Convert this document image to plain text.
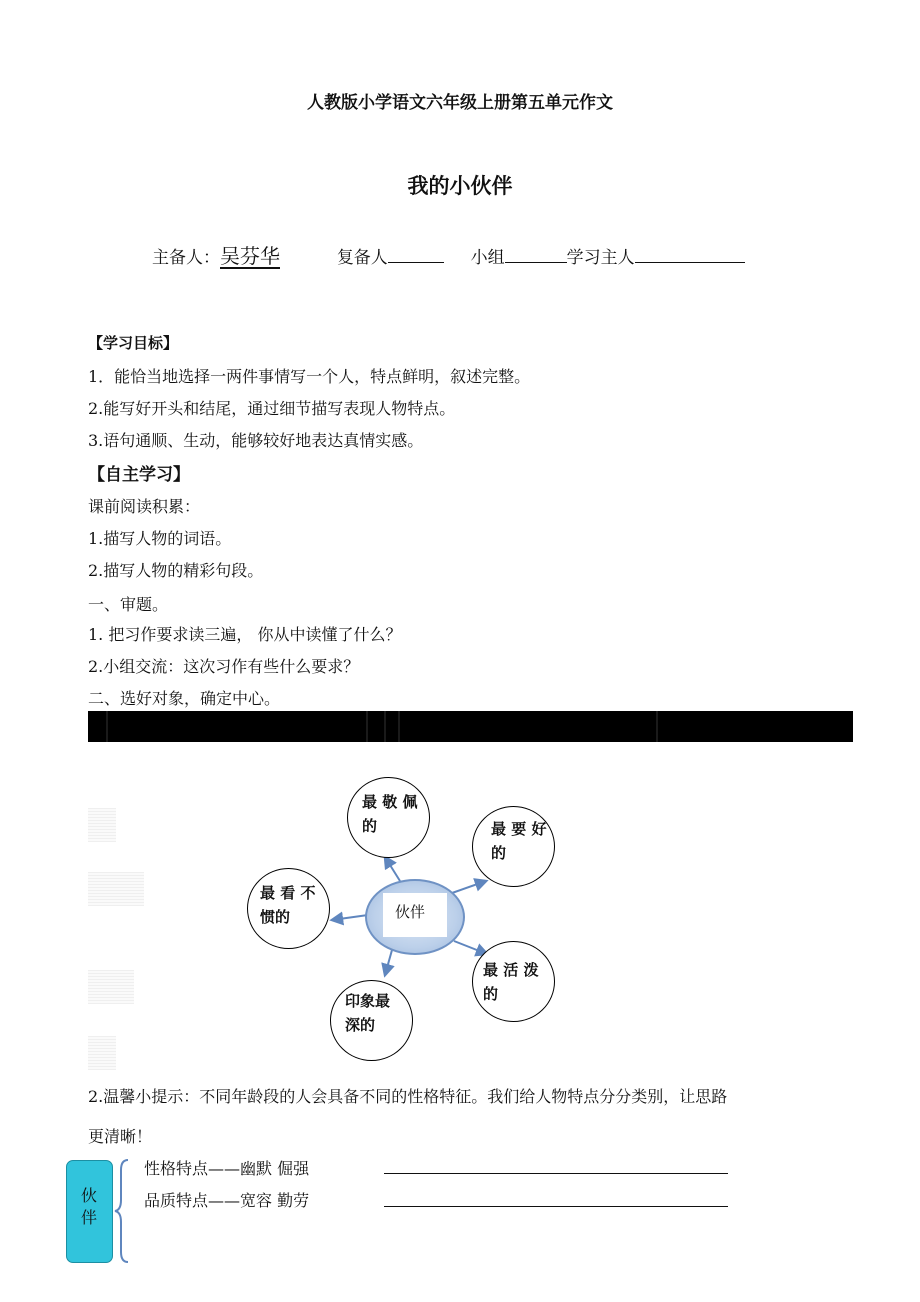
人教版小学语文六年级上册第五单元作文
我的小伙伴
主备人：吴芬华	复备人	小组	学习主人
【学习目标】
1．能恰当地选择一两件事情写一个人，特点鲜明，叙述完整。
2.能写好开头和结尾，通过细节描写表现人物特点。
3.语句通顺、生动，能够较好地表达真情实感。
【自主学习】
课前阅读积累：
1.描写人物的词语。
2.描写人物的精彩句段。
一、审题。
1. 把习作要求读三遍， 你从中读懂了什么？
2.小组交流：这次习作有些什么要求？
二、选好对象，确定中心。
最 敬 佩
的	最 要 好
的
最 看 不
惯的
最 活 泼
的
印象最
深的
伙伴
2.温馨小提示：不同年龄段的人会具备不同的性格特征。我们给人物特点分分类别，让思路
更清晰！
伙伴
性格特点——幽默 倔强
品质特点——宽容 勤劳
